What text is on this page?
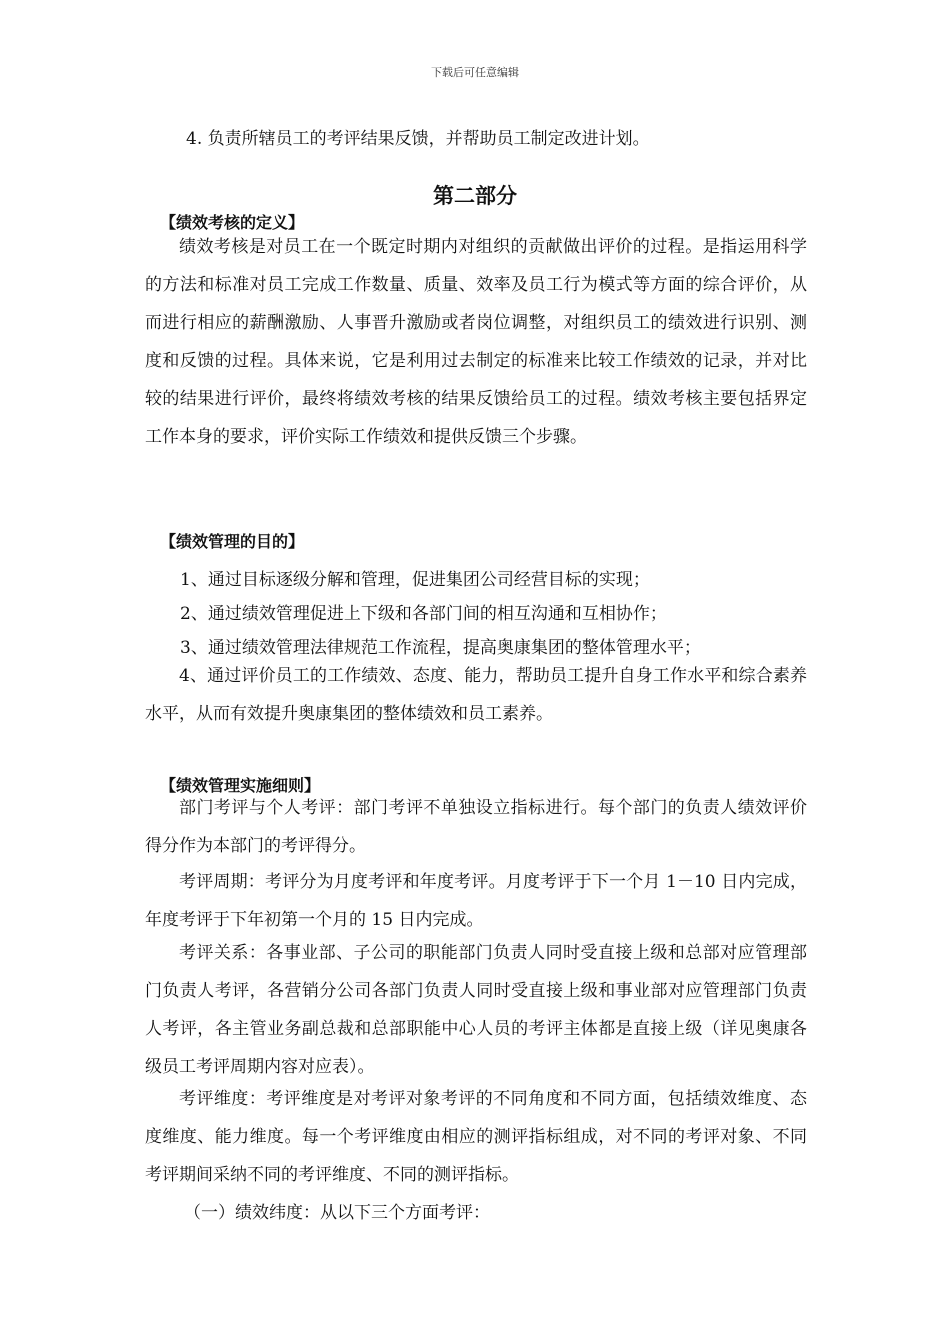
下载后可任意编辑
4. 负责所辖员工的考评结果反馈，并帮助员工制定改进计划。
第二部分
【绩效考核的定义】
绩效考核是对员工在一个既定时期内对组织的贡献做出评价的过程。是指运用科学的方法和标准对员工完成工作数量、质量、效率及员工行为模式等方面的综合评价，从而进行相应的薪酬激励、人事晋升激励或者岗位调整，对组织员工的绩效进行识别、测度和反馈的过程。具体来说，它是利用过去制定的标准来比较工作绩效的记录，并对比较的结果进行评价，最终将绩效考核的结果反馈给员工的过程。绩效考核主要包括界定工作本身的要求，评价实际工作绩效和提供反馈三个步骤。
【绩效管理的目的】
1、通过目标逐级分解和管理，促进集团公司经营目标的实现；
2、通过绩效管理促进上下级和各部门间的相互沟通和互相协作；
3、通过绩效管理法律规范工作流程，提高奥康集团的整体管理水平；
4、通过评价员工的工作绩效、态度、能力，帮助员工提升自身工作水平和综合素养水平，从而有效提升奥康集团的整体绩效和员工素养。
【绩效管理实施细则】
部门考评与个人考评：部门考评不单独设立指标进行。每个部门的负责人绩效评价得分作为本部门的考评得分。
考评周期：考评分为月度考评和年度考评。月度考评于下一个月 1－10 日内完成，年度考评于下年初第一个月的 15 日内完成。
考评关系：各事业部、子公司的职能部门负责人同时受直接上级和总部对应管理部门负责人考评，各营销分公司各部门负责人同时受直接上级和事业部对应管理部门负责人考评，各主管业务副总裁和总部职能中心人员的考评主体都是直接上级（详见奥康各级员工考评周期内容对应表）。
考评维度：考评维度是对考评对象考评的不同角度和不同方面，包括绩效维度、态度维度、能力维度。每一个考评维度由相应的测评指标组成，对不同的考评对象、不同考评期间采纳不同的考评维度、不同的测评指标。
（一）绩效纬度：从以下三个方面考评：
